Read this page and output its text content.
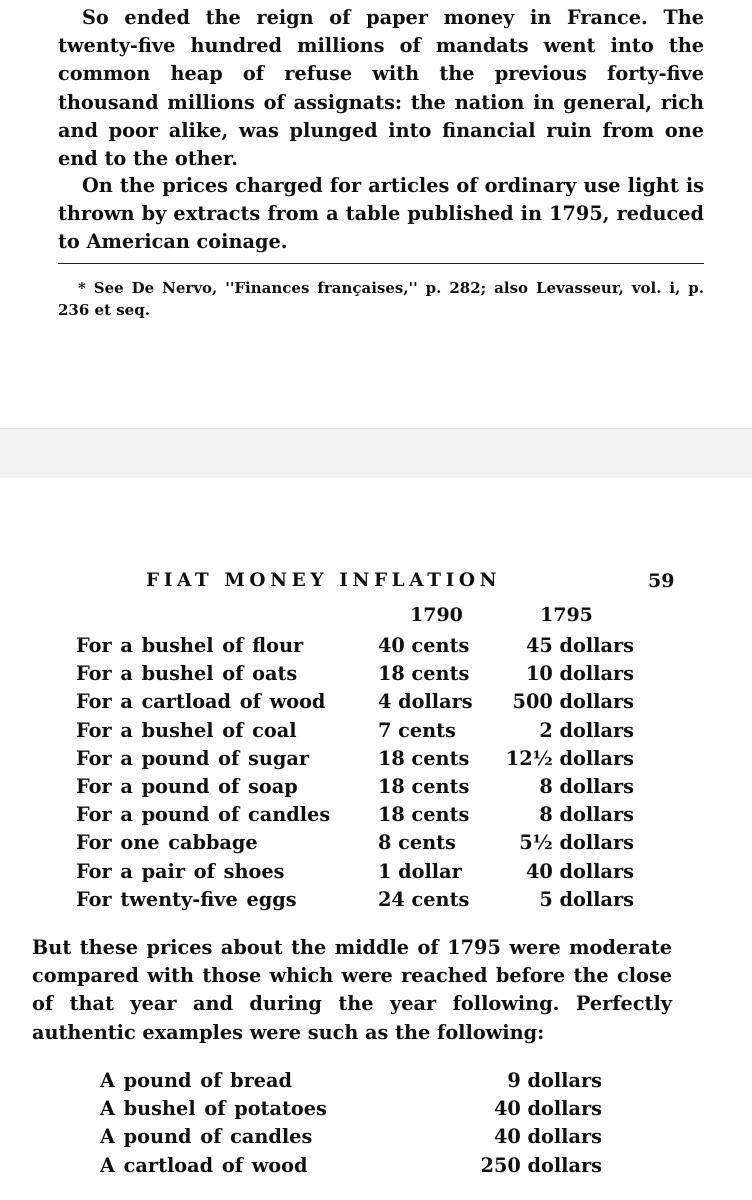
So ended the reign of paper money in France. The twenty-five hundred millions of mandats went into the common heap of refuse with the previous forty-five thousand millions of assignats: the nation in general, rich and poor alike, was plunged into financial ruin from one end to the other.

On the prices charged for articles of ordinary use light is thrown by extracts from a table published in 1795, reduced to American coinage.

* See De Nervo, ''Finances françaises,'' p. 282; also Levasseur, vol. i, p. 236 et seq.

FIAT MONEY INFLATION	59
1790	1795
For a bushel of flour	40 cents	45 dollars
For a bushel of oats	18 cents	10 dollars
For a cartload of wood	4 dollars	500 dollars
For a bushel of coal	7 cents	2 dollars
For a pound of sugar	18 cents	12½ dollars
For a pound of soap	18 cents	8 dollars
For a pound of candles 18 cents	8 dollars
For one cabbage	8 cents	5½ dollars
For a pair of shoes	1 dollar	40 dollars
For twenty-five eggs	24 cents	5 dollars

But these prices about the middle of 1795 were moderate compared with those which were reached before the close of that year and during the year following. Perfectly authentic examples were such as the following:

A pound of bread	9 dollars
A bushel of potatoes	40 dollars
A pound of candles	40 dollars
A cartload of wood	250 dollars
